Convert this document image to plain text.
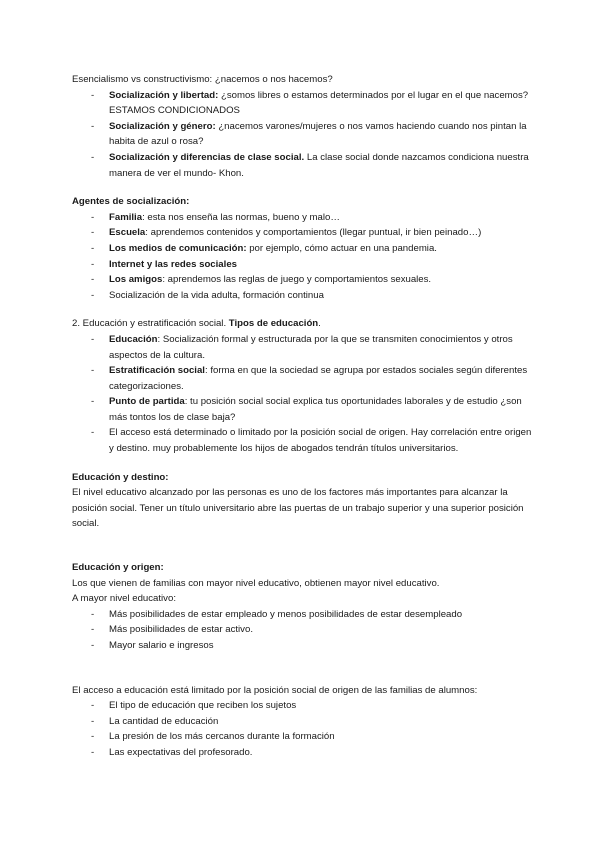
Esencialismo vs constructivismo: ¿nacemos o nos hacemos?

- Socialización y libertad: ¿somos libres o estamos determinados por el lugar en el que nacemos? ESTAMOS CONDICIONADOS
- Socialización y género: ¿nacemos varones/mujeres o nos vamos haciendo cuando nos pintan la habita de azul o rosa?
- Socialización y diferencias de clase social. La clase social donde nazcamos condiciona nuestra manera de ver el mundo- Khon.

Agentes de socialización:

- Familia: esta nos enseña las normas, bueno y malo…
- Escuela: aprendemos contenidos y comportamientos (llegar puntual, ir bien peinado…)
- Los medios de comunicación: por ejemplo, cómo actuar en una pandemia.
- Internet y las redes sociales
- Los amigos: aprendemos las reglas de juego y comportamientos sexuales.
- Socialización de la vida adulta, formación continua

2. Educación y estratificación social. Tipos de educación.

- Educación: Socialización formal y estructurada por la que se transmiten conocimientos y otros aspectos de la cultura.
- Estratificación social: forma en que la sociedad se agrupa por estados sociales según diferentes categorizaciones.
- Punto de partida: tu posición social social explica tus oportunidades laborales y de estudio ¿son más tontos los de clase baja?
- El acceso está determinado o limitado por la posición social de origen. Hay correlación entre origen y destino. muy probablemente los hijos de abogados tendrán títulos universitarios.

Educación y destino:

El nivel educativo alcanzado por las personas es uno de los factores más importantes para alcanzar la posición social. Tener un título universitario abre las puertas de un trabajo superior y una superior posición social.

Educación y origen:

Los que vienen de familias con mayor nivel educativo, obtienen mayor nivel educativo.

A mayor nivel educativo:

- Más posibilidades de estar empleado y menos posibilidades de estar desempleado
- Más posibilidades de estar activo.
- Mayor salario e ingresos

El acceso a educación está limitado por la posición social de origen de las familias de alumnos:

- El tipo de educación que reciben los sujetos
- La cantidad de educación
- La presión de los más cercanos durante la formación
- Las expectativas del profesorado.
